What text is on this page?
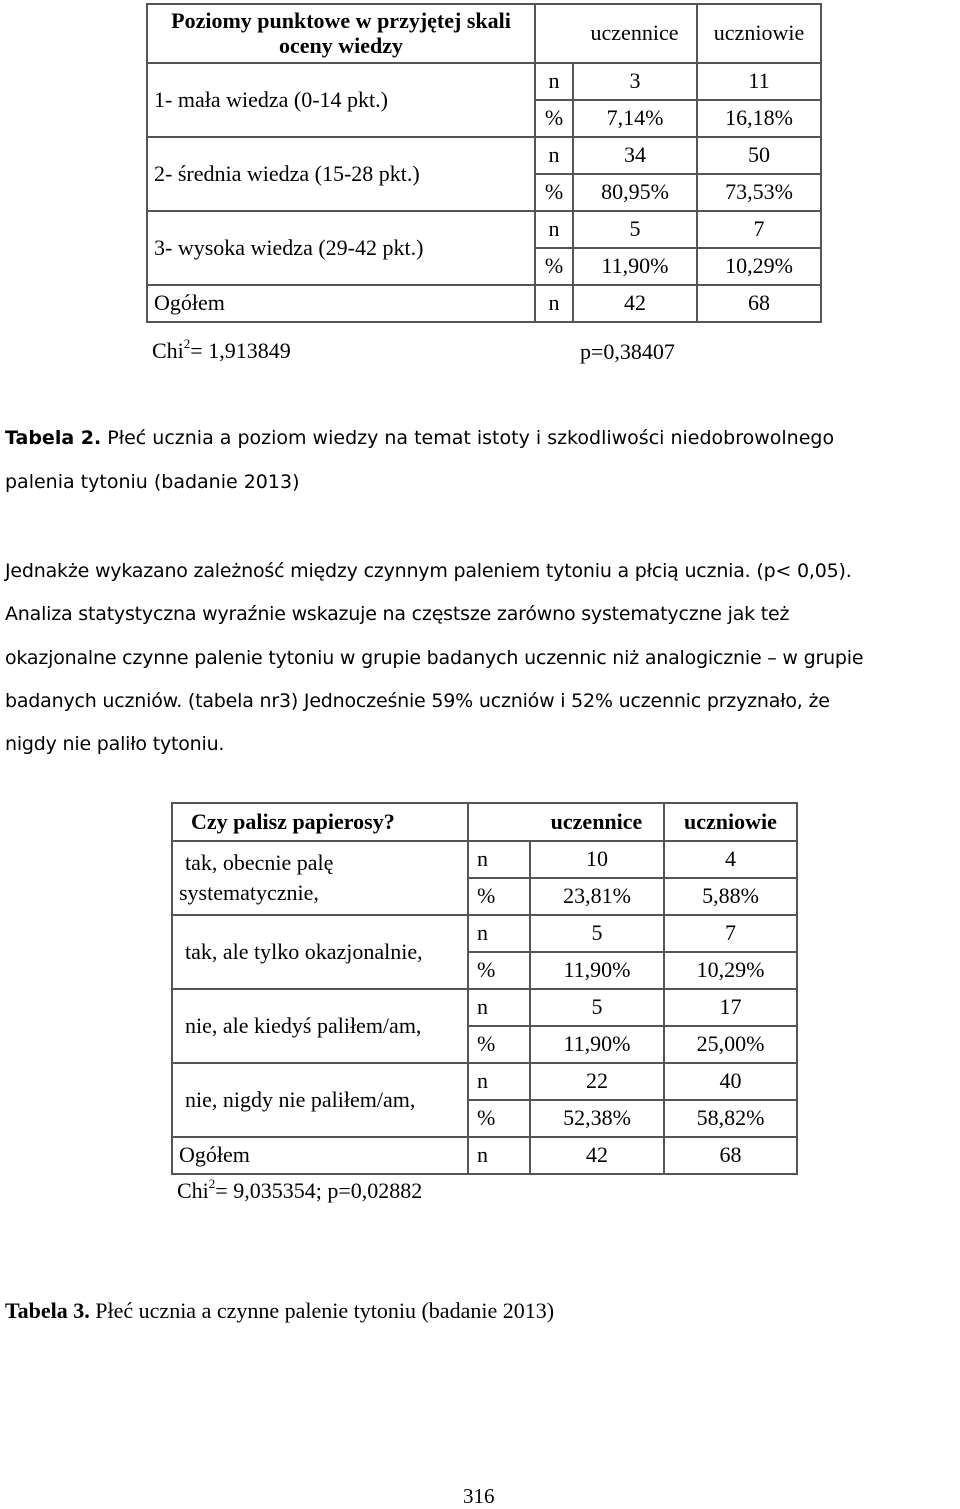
Poziomy punktowe w przyjętej skali oceny wiedzy		uczennice	uczniowie
1- mała wiedza (0-14 pkt.)	n	3	11
	%	7,14%	16,18%
2- średnia wiedza (15-28 pkt.)	n	34	50
	%	80,95%	73,53%
3- wysoka wiedza (29-42 pkt.)	n	5	7
	%	11,90%	10,29%
Ogółem	n	42	68
Chi$^2$= 1,913849	p=0,38407
Tabela 2. Płeć ucznia a poziom wiedzy na temat istoty i szkodliwości niedobrowolnego
palenia tytoniu (badanie 2013)
Jednakże wykazano zależność między czynnym paleniem tytoniu a płcią ucznia. (p< 0,05).
Analiza statystyczna wyraźnie wskazuje na częstsze zarówno systematyczne jak też
okazjonalne czynne palenie tytoniu w grupie badanych uczennic niż analogicznie – w grupie
badanych uczniów. (tabela nr3) Jednocześnie 59% uczniów i 52% uczennic przyznało, że
nigdy nie paliło tytoniu.
Czy palisz papierosy?		uczennice	uczniowie

tak, obecnie palę
systematycznie,	n	10	4
	%	23,81%	5,88%
tak, ale tylko okazjonalnie,	n	5	7
	%	11,90%	10,29%
nie, ale kiedyś paliłem/am,	n	5	17
	%	11,90%	25,00%
nie, nigdy nie paliłem/am,	n	22	40
	%	52,38%	58,82%
Ogółem	n	42	68
Chi$^2$= 9,035354; p=0,02882
Tabela 3. Płeć ucznia a czynne palenie tytoniu (badanie 2013)
316
